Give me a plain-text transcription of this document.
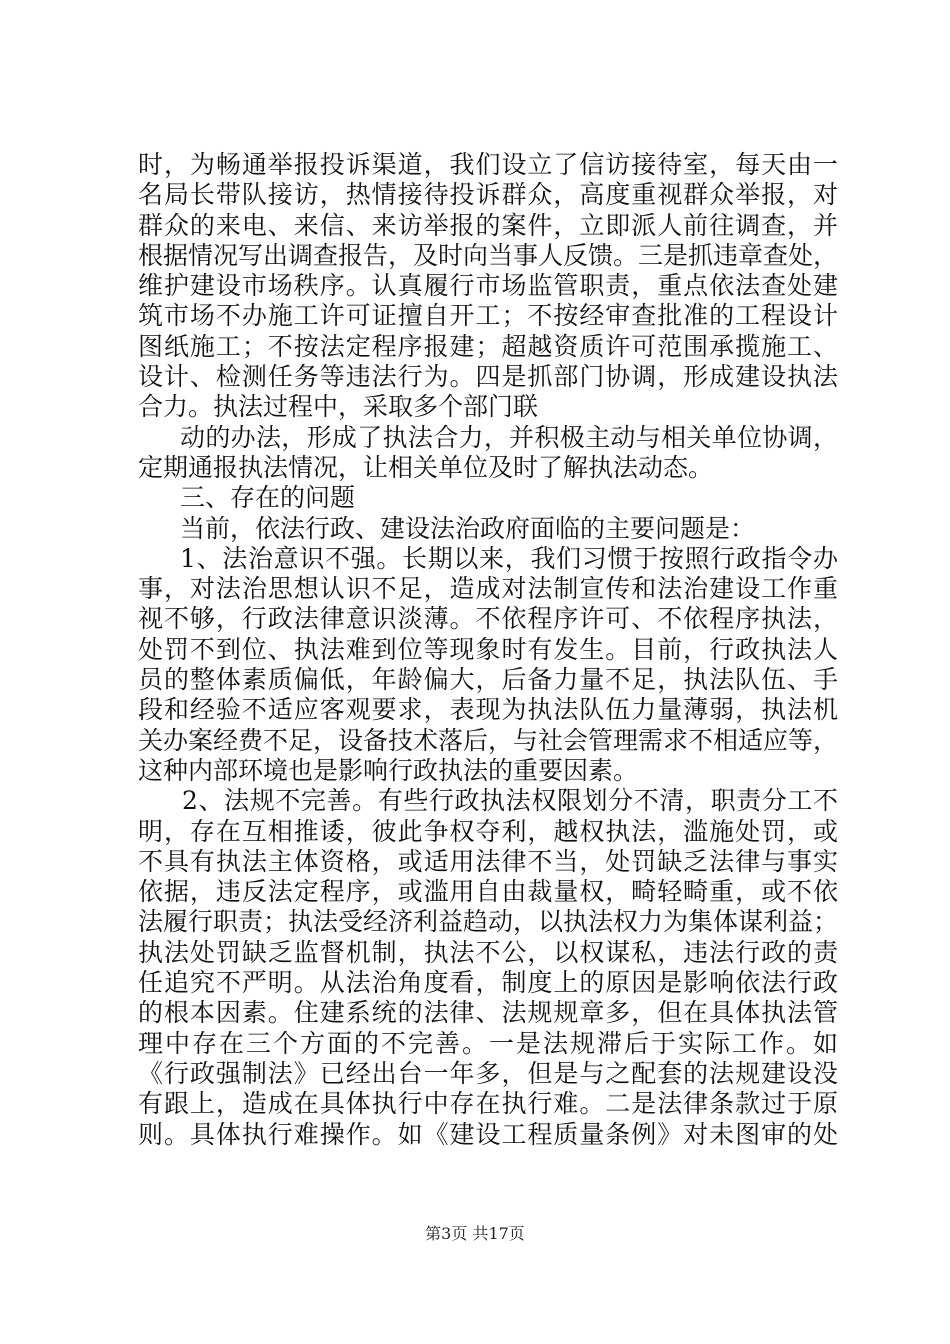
时，为畅通举报投诉渠道，我们设立了信访接待室，每天由一
名局长带队接访，热情接待投诉群众，高度重视群众举报，对
群众的来电、来信、来访举报的案件，立即派人前往调查，并
根据情况写出调查报告，及时向当事人反馈。三是抓违章查处，
维护建设市场秩序。认真履行市场监管职责，重点依法查处建
筑市场不办施工许可证擅自开工；不按经审查批准的工程设计
图纸施工；不按法定程序报建；超越资质许可范围承揽施工、
设计、检测任务等违法行为。四是抓部门协调，形成建设执法
合力。执法过程中，采取多个部门联
动的办法，形成了执法合力，并积极主动与相关单位协调，
定期通报执法情况，让相关单位及时了解执法动态。
三、存在的问题
当前，依法行政、建设法治政府面临的主要问题是：
1、法治意识不强。长期以来，我们习惯于按照行政指令办
事，对法治思想认识不足，造成对法制宣传和法治建设工作重
视不够，行政法律意识淡薄。不依程序许可、不依程序执法，
处罚不到位、执法难到位等现象时有发生。目前，行政执法人
员的整体素质偏低，年龄偏大，后备力量不足，执法队伍、手
段和经验不适应客观要求，表现为执法队伍力量薄弱，执法机
关办案经费不足，设备技术落后，与社会管理需求不相适应等，
这种内部环境也是影响行政执法的重要因素。
2、法规不完善。有些行政执法权限划分不清，职责分工不
明，存在互相推诿，彼此争权夺利，越权执法，滥施处罚，或
不具有执法主体资格，或适用法律不当，处罚缺乏法律与事实
依据，违反法定程序，或滥用自由裁量权，畸轻畸重，或不依
法履行职责；执法受经济利益趋动，以执法权力为集体谋利益；
执法处罚缺乏监督机制，执法不公，以权谋私，违法行政的责
任追究不严明。从法治角度看，制度上的原因是影响依法行政
的根本因素。住建系统的法律、法规规章多，但在具体执法管
理中存在三个方面的不完善。一是法规滞后于实际工作。如
《行政强制法》已经出台一年多，但是与之配套的法规建设没
有跟上，造成在具体执行中存在执行难。二是法律条款过于原
则。具体执行难操作。如《建设工程质量条例》对未图审的处
第3页 共17页
